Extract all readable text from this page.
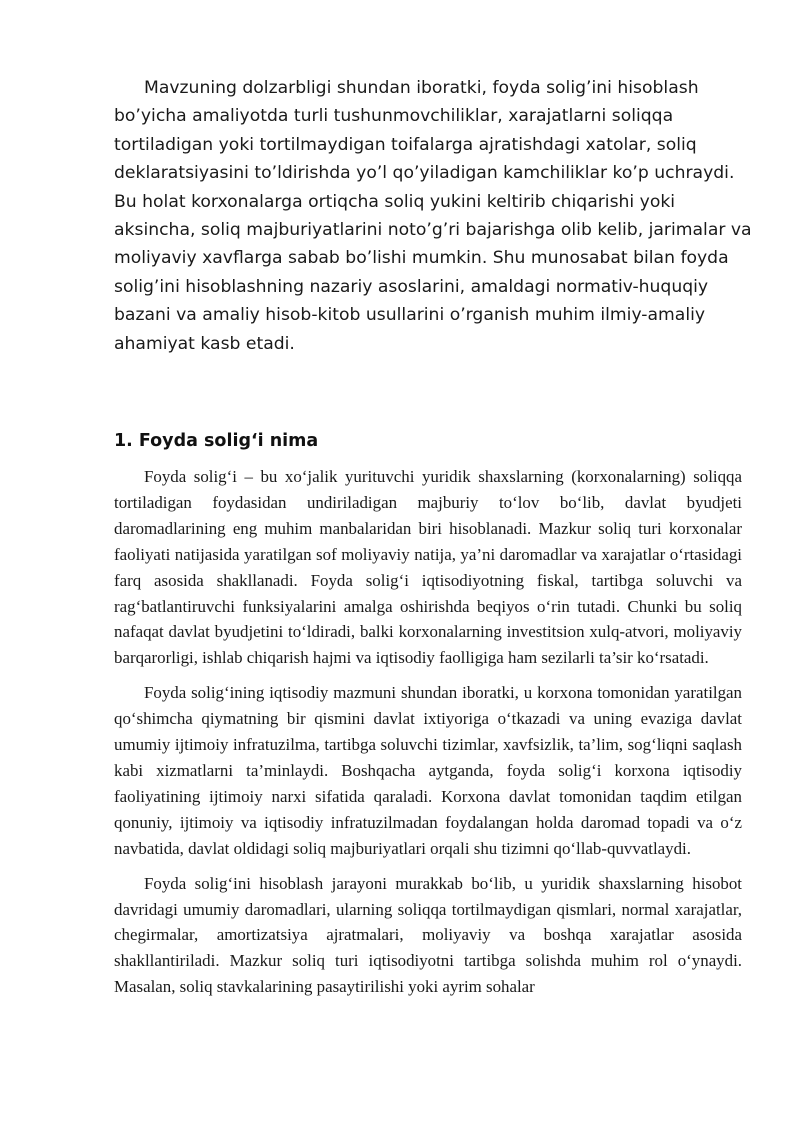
Mavzuning dolzarbligi shundan iboratki, foyda solig’ini hisoblash bo’yicha amaliyotda turli tushunmovchiliklar, xarajatlarni soliqqa tortiladigan yoki tortilmaydigan toifalarga ajratishdagi xatolar, soliq deklaratsiyasini to’ldirishda yo’l qo’yiladigan kamchiliklar ko’p uchraydi. Bu holat korxonalarga ortiqcha soliq yukini keltirib chiqarishi yoki aksincha, soliq majburiyatlarini noto’g’ri bajarishga olib kelib, jarimalar va moliyaviy xavflarga sabab bo’lishi mumkin. Shu munosabat bilan foyda solig’ini hisoblashning nazariy asoslarini, amaldagi normativ-huquqiy bazani va amaliy hisob-kitob usullarini o’rganish muhim ilmiy-amaliy ahamiyat kasb etadi.

1. Foyda solig‘i nima

Foyda solig‘i – bu xo‘jalik yurituvchi yuridik shaxslarning (korxonalarning) soliqqa tortiladigan foydasidan undiriladigan majburiy to‘lov bo‘lib, davlat byudjeti daromadlarining eng muhim manbalaridan biri hisoblanadi. Mazkur soliq turi korxonalar faoliyati natijasida yaratilgan sof moliyaviy natija, ya’ni daromadlar va xarajatlar o‘rtasidagi farq asosida shakllanadi. Foyda solig‘i iqtisodiyotning fiskal, tartibga soluvchi va rag‘batlantiruvchi funksiyalarini amalga oshirishda beqiyos o‘rin tutadi. Chunki bu soliq nafaqat davlat byudjetini to‘ldiradi, balki korxonalarning investitsion xulq-atvori, moliyaviy barqarorligi, ishlab chiqarish hajmi va iqtisodiy faolligiga ham sezilarli ta’sir ko‘rsatadi.

Foyda solig‘ining iqtisodiy mazmuni shundan iboratki, u korxona tomonidan yaratilgan qo‘shimcha qiymatning bir qismini davlat ixtiyoriga o‘tkazadi va uning evaziga davlat umumiy ijtimoiy infratuzilma, tartibga soluvchi tizimlar, xavfsizlik, ta’lim, sog‘liqni saqlash kabi xizmatlarni ta’minlaydi. Boshqacha aytganda, foyda solig‘i korxona iqtisodiy faoliyatining ijtimoiy narxi sifatida qaraladi. Korxona davlat tomonidan taqdim etilgan qonuniy, ijtimoiy va iqtisodiy infratuzilmadan foydalangan holda daromad topadi va o‘z navbatida, davlat oldidagi soliq majburiyatlari orqali shu tizimni qo‘llab-quvvatlaydi.

Foyda solig‘ini hisoblash jarayoni murakkab bo‘lib, u yuridik shaxslarning hisobot davridagi umumiy daromadlari, ularning soliqqa tortilmaydigan qismlari, normal xarajatlar, chegirmalar, amortizatsiya ajratmalari, moliyaviy va boshqa xarajatlar asosida shakllantiriladi. Mazkur soliq turi iqtisodiyotni tartibga solishda muhim rol o‘ynaydi. Masalan, soliq stavkalarining pasaytirilishi yoki ayrim sohalar
